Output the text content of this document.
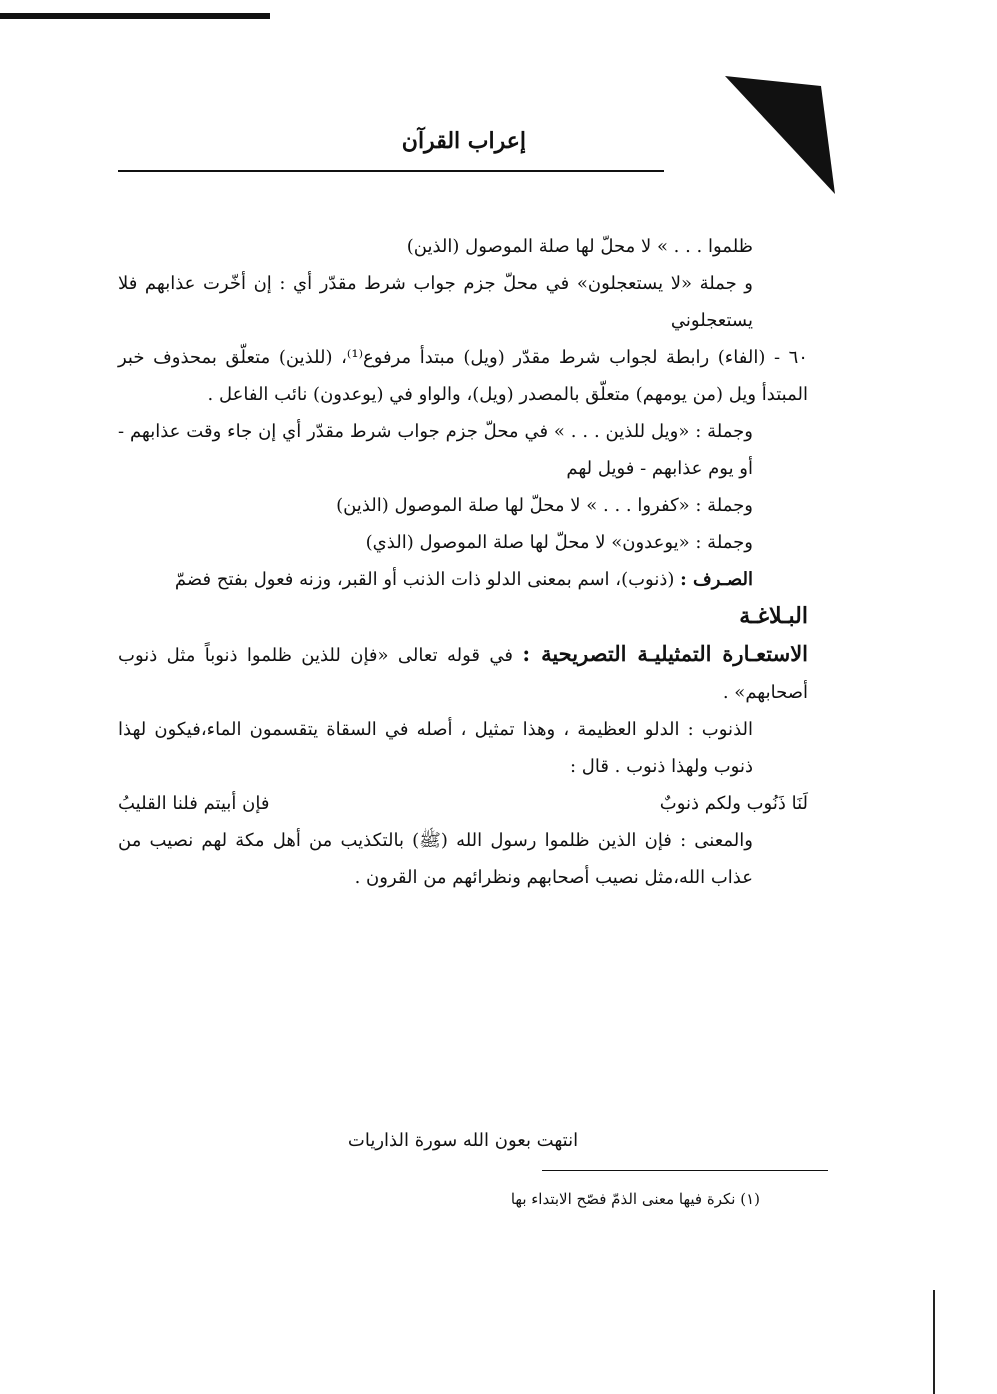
إعراب القرآن

ظلموا . . . » لا محلّ لها صلة الموصول (الذين)

و جملة «لا يستعجلون» في محلّ جزم جواب شرط مقدّر أي : إن أخّرت عذابهم فلا يستعجلوني

٦٠ - (الفاء) رابطة لجواب شرط مقدّر (ويل) مبتدأ مرفوع⁽¹⁾، (للذين) متعلّق بمحذوف خبر المبتدأ ويل (من يومهم) متعلّق بالمصدر (ويل)، والواو في (يوعدون) نائب الفاعل .

وجملة : «ويل للذين . . . » في محلّ جزم جواب شرط مقدّر أي إن جاء وقت عذابهم - أو يوم عذابهم - فويل لهم

وجملة : «كفروا . . . » لا محلّ لها صلة الموصول (الذين)

وجملة : «يوعدون» لا محلّ لها صلة الموصول (الذي)

الصـرف : (ذنوب)، اسم بمعنى الدلو ذات الذنب أو القبر، وزنه فعول بفتح فضمّ

البـلاغـة

الاستعـارة التمثيليـة التصريحية : في قوله تعالى «فإن للذين ظلموا ذنوباً مثل ذنوب أصحابهم» .

الذنوب : الدلو العظيمة ، وهذا تمثيل ، أصله في السقاة يتقسمون الماء،فيكون لهذا ذنوب ولهذا ذنوب . قال :

لَنَا ذَنُوب ولكم ذنوبٌ
فإن أبيتم فلنا القليبُ

والمعنى : فإن الذين ظلموا رسول الله (ﷺ) بالتكذيب من أهل مكة لهم نصيب من عذاب الله،مثل نصيب أصحابهم ونظرائهم من القرون .

انتهت بعون الله سورة الذاريات
(١) نكرة فيها معنى الذمّ فصّح الابتداء بها
